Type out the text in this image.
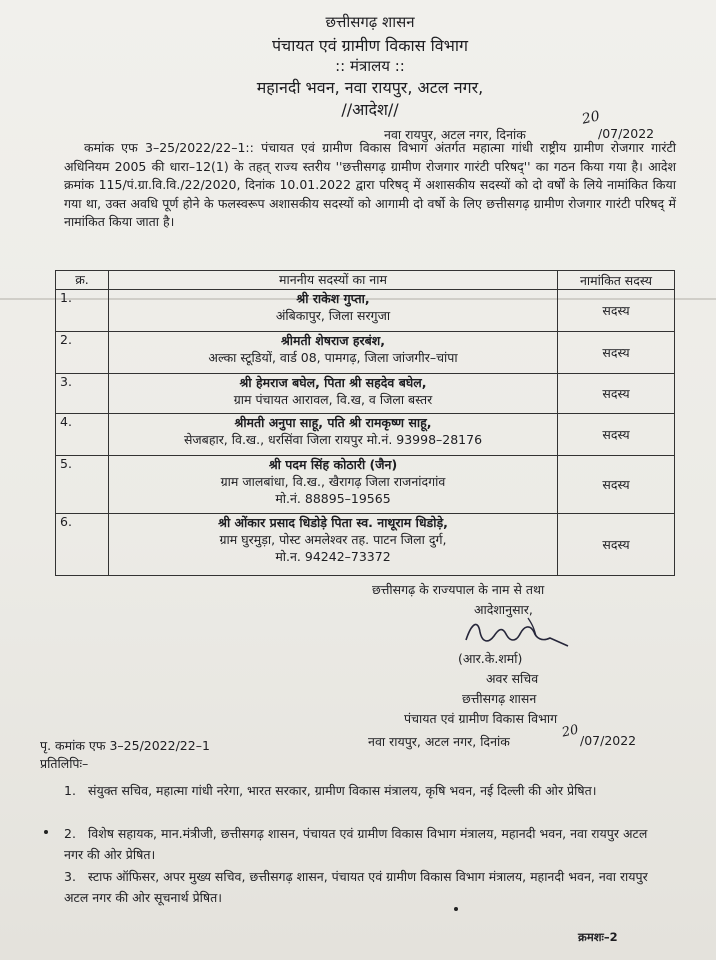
छत्तीसगढ़ शासन
पंचायत एवं ग्रामीण विकास विभाग
:: मंत्रालय ::
महानदी भवन, नवा रायपुर, अटल नगर,
//आदेश//
नवा रायपुर, अटल नगर, दिनांक
20
/07/2022
कमांक एफ 3–25/2022/22–1:: पंचायत एवं ग्रामीण विकास विभाग अंतर्गत महात्मा गांधी राष्ट्रीय ग्रामीण रोजगार गारंटी अधिनियम 2005 की धारा–12(1) के तहत् राज्य स्तरीय ''छत्तीसगढ़ ग्रामीण रोजगार गारंटी परिषद्'' का गठन किया गया है। आदेश क्रमांक 115/पं.ग्रा.वि.वि./22/2020, दिनांक 10.01.2022 द्वारा परिषद् में अशासकीय सदस्यों को दो वर्षों के लिये नामांकित किया गया था, उक्त अवधि पूर्ण होने के फलस्वरूप अशासकीय सदस्यों को आगामी दो वर्षो के लिए छत्तीसगढ़ ग्रामीण रोजगार गारंटी परिषद् में नामांकित किया जाता है।
क्र.	माननीय सदस्यों का नाम	नामांकित सदस्य
1.	श्री राकेश गुप्ता,
अंबिकापुर, जिला सरगुजा	सदस्य
2.	श्रीमती शेषराज हरबंश,
अल्का स्टूडियों, वार्ड 08, पामगढ़, जिला जांजगीर–चांपा	सदस्य
3.	श्री हेमराज बघेल, पिता श्री सहदेव बघेल,
ग्राम पंचायत आरावल, वि.ख, व जिला बस्तर	सदस्य
4.	श्रीमती अनुपा साहू, पति श्री रामकृष्ण साहू,
सेजबहार, वि.ख., धरसिंवा जिला रायपुर मो.नं. 93998–28176	सदस्य
5.	श्री पदम सिंह कोठारी (जैन)
ग्राम जालबांधा, वि.ख., खैरागढ़ जिला राजनांदगांव
मो.नं. 88895–19565	सदस्य
6.	श्री ओंकार प्रसाद धिडोड़े पिता स्व. नाथूराम धिडोड़े,
ग्राम घुरमुड़ा, पोस्ट अमलेश्वर तह. पाटन जिला दुर्ग,
मो.न. 94242–73372	सदस्य
छत्तीसगढ़ के राज्यपाल के नाम से तथा
आदेशानुसार,
(आर.के.शर्मा)
अवर सचिव
छत्तीसगढ़ शासन
पंचायत एवं ग्रामीण विकास विभाग
पृ. कमांक एफ 3–25/2022/22–1	नवा रायपुर, अटल नगर, दिनांक
20 /07/2022
प्रतिलिपिः–
1. संयुक्त सचिव, महात्मा गांधी नरेगा, भारत सरकार, ग्रामीण विकास मंत्रालय, कृषि भवन, नई दिल्ली की ओर प्रेषित।
2. विशेष सहायक, मान.मंत्रीजी, छत्तीसगढ़ शासन, पंचायत एवं ग्रामीण विकास विभाग मंत्रालय, महानदी भवन, नवा रायपुर अटल नगर की ओर प्रेषित।
3. स्टाफ ऑफिसर, अपर मुख्य सचिव, छत्तीसगढ़ शासन, पंचायत एवं ग्रामीण विकास विभाग मंत्रालय, महानदी भवन, नवा रायपुर अटल नगर की ओर सूचनार्थ प्रेषित।
क्रमशः–2
